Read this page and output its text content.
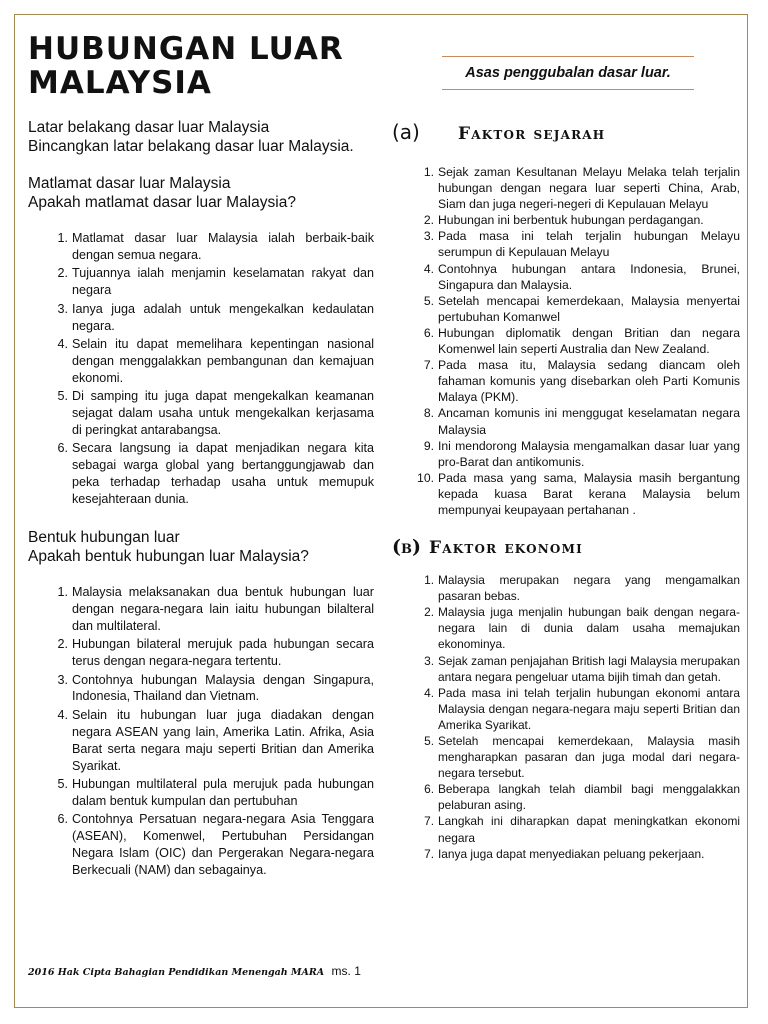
HUBUNGAN LUAR MALAYSIA

Latar belakang dasar luar Malaysia

Bincangkan latar belakang dasar luar Malaysia.

Matlamat dasar luar Malaysia

Apakah matlamat dasar luar Malaysia?

1 . Matlamat dasar luar Malaysia ialah berbaik-baik dengan semua negara.
2 . Tujuannya ialah menjamin keselamatan rakyat dan negara
3 . Ianya juga adalah untuk mengekalkan kedaulatan negara.
4 . Selain itu dapat memelihara kepentingan nasional dengan menggalakkan pembangunan dan kemajuan ekonomi.
5 . Di samping itu juga dapat mengekalkan keamanan sejagat dalam usaha untuk mengekalkan kerjasama di peringkat antarabangsa.
6 . Secara langsung ia dapat menjadikan negara kita sebagai warga global yang bertanggungjawab dan peka terhadap terhadap usaha untuk memupuk kesejahteraan dunia.

Bentuk hubungan luar

Apakah bentuk hubungan luar Malaysia?

1 . Malaysia melaksanakan dua bentuk hubungan luar dengan negara-negara lain iaitu hubungan bilalteral dan multilateral.
2 . Hubungan bilateral merujuk pada hubungan secara terus dengan negara-negara tertentu.
3 . Contohnya hubungan Malaysia dengan Singapura, Indonesia, Thailand dan Vietnam.
4 . Selain itu hubungan luar juga diadakan dengan negara ASEAN yang lain, Amerika Latin. Afrika, Asia Barat serta negara maju seperti Britian dan Amerika Syarikat.
5 . Hubungan multilateral pula merujuk pada hubungan dalam bentuk kumpulan dan pertubuhan
6 . Contohnya Persatuan negara-negara Asia Tenggara (ASEAN), Komenwel, Pertubuhan Persidangan Negara Islam (OIC) dan Pergerakan Negara-negara Berkecuali (NAM) dan sebagainya.
Asas penggubalan dasar luar.
(a)	Faktor sejarah
1 . Sejak zaman Kesultanan Melayu Melaka telah terjalin hubungan dengan negara luar seperti China, Arab, Siam dan juga negeri-negeri di Kepulauan Melayu
2 . Hubungan ini berbentuk hubungan perdagangan.
3 . Pada masa ini telah terjalin hubungan Melayu serumpun di Kepulauan Melayu
4 . Contohnya hubungan antara Indonesia, Brunei, Singapura dan Malaysia.
5 . Setelah mencapai kemerdekaan, Malaysia menyertai pertubuhan Komanwel
6 . Hubungan diplomatik dengan Britian dan negara Komenwel lain seperti Australia dan New Zealand.
7 . Pada masa itu, Malaysia sedang diancam oleh fahaman komunis yang disebarkan oleh Parti Komunis Malaya (PKM).
8 . Ancaman komunis ini menggugat keselamatan negara Malaysia
9 . Ini mendorong Malaysia mengamalkan dasar luar yang pro-Barat dan antikomunis.
10 . Pada masa yang sama, Malaysia masih bergantung kepada kuasa Barat kerana Malaysia belum mempunyai keupayaan pertahanan .
(b) Faktor ekonomi
1 . Malaysia merupakan negara yang mengamalkan pasaran bebas.
2 . Malaysia juga menjalin hubungan baik dengan negara-negara lain di dunia dalam usaha memajukan ekonominya.
3 . Sejak zaman penjajahan British lagi Malaysia merupakan antara negara pengeluar utama bijih timah dan getah.
4 . Pada masa ini telah terjalin hubungan ekonomi antara Malaysia dengan negara-negara maju seperti Britian dan Amerika Syarikat.
5 . Setelah mencapai kemerdekaan, Malaysia masih mengharapkan pasaran dan juga modal dari negara-negara tersebut.
6 . Beberapa langkah telah diambil bagi menggalakkan pelaburan asing.
7 . Langkah ini diharapkan dapat meningkatkan ekonomi negara
7 . Ianya juga dapat menyediakan peluang pekerjaan.
2016 Hak Cipta Bahagian Pendidikan Menengah MARA ms. 1
